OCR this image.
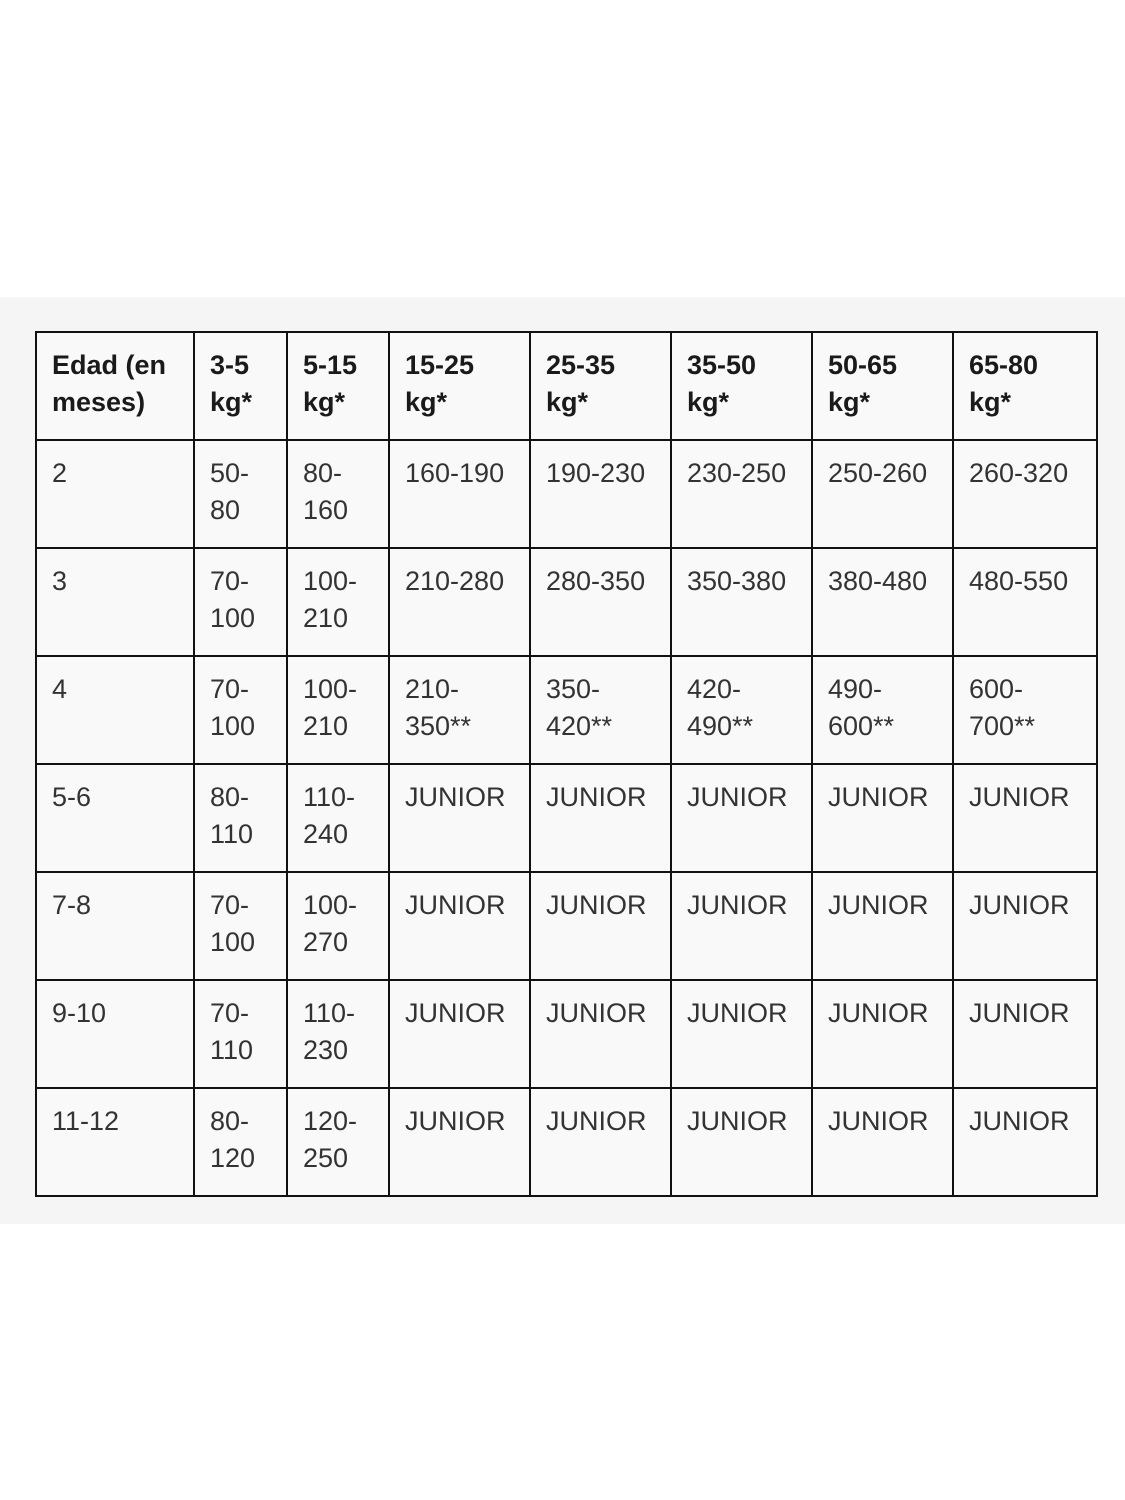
Edad (en meses)	3-5 kg*	5-15 kg*	15-25 kg*	25-35 kg*	35-50 kg*	50-65 kg*	65-80 kg*
2	50-80	80-160	160-190	190-230	230-250	250-260	260-320
3	70-100	100-210	210-280	280-350	350-380	380-480	480-550
4	70-100	100-210	210-350**	350-420**	420-490**	490-600**	600-700**
5-6	80-110	110-240	JUNIOR	JUNIOR	JUNIOR	JUNIOR	JUNIOR
7-8	70-100	100-270	JUNIOR	JUNIOR	JUNIOR	JUNIOR	JUNIOR
9-10	70-110	110-230	JUNIOR	JUNIOR	JUNIOR	JUNIOR	JUNIOR
11-12	80-120	120-250	JUNIOR	JUNIOR	JUNIOR	JUNIOR	JUNIOR
